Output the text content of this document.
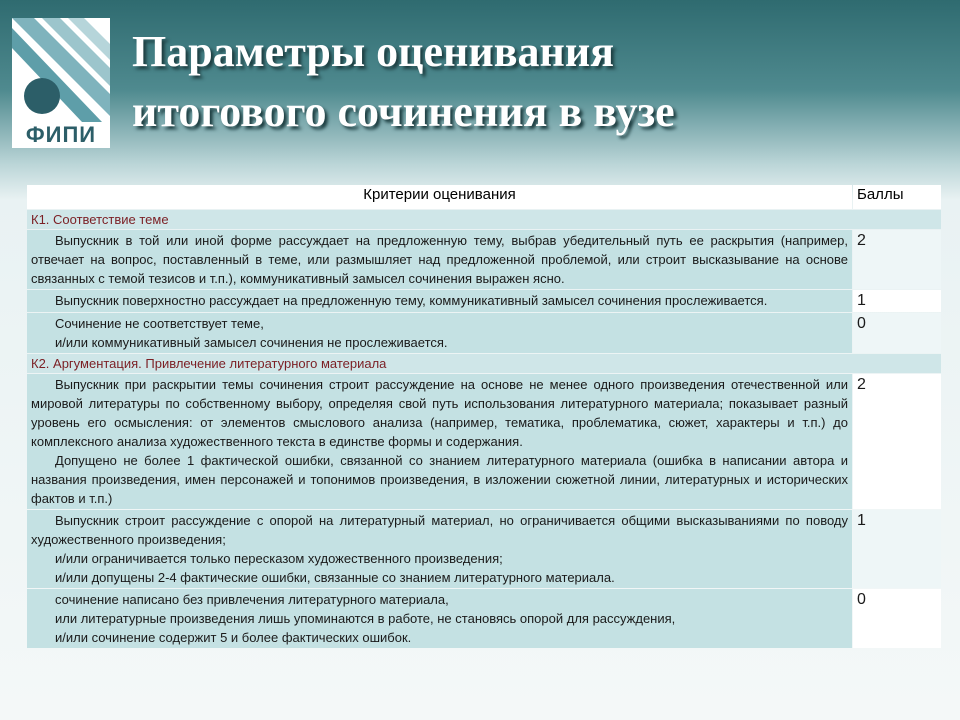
ФИПИ
Параметры оценивания
итогового сочинения в вузе
Критерии оценивания	Баллы
К1. Соответствие теме	

Выпускник в той или иной форме рассуждает на предложенную тему, выбрав убедительный путь ее раскрытия (например, отвечает на вопрос, поставленный в теме, или размышляет над предложенной проблемой, или строит высказывание на основе связанных с темой тезисов и т.п.), коммуникативный замысел сочинения выражен ясно.	2

Выпускник поверхностно рассуждает на предложенную тему, коммуникативный замысел сочинения прослеживается.	1

Сочинение не соответствует теме,

и/или коммуникативный замысел сочинения не прослеживается.	0
К2. Аргументация. Привлечение литературного материала	

Выпускник при раскрытии темы сочинения строит рассуждение на основе не менее одного произведения отечественной или мировой литературы по собственному выбору, определяя свой путь использования литературного материала; показывает разный уровень его осмысления: от элементов смыслового анализа (например, тематика, проблематика, сюжет, характеры и т.п.) до комплексного анализа художественного текста в единстве формы и содержания.

Допущено не более 1 фактической ошибки, связанной со знанием литературного материала (ошибка в написании автора и названия произведения, имен персонажей и топонимов произведения, в изложении сюжетной линии, литературных и исторических фактов и т.п.)	2

Выпускник строит рассуждение с опорой на литературный материал, но ограничивается общими высказываниями по поводу художественного произведения;

и/или ограничивается только пересказом художественного произведения;

и/или допущены 2-4 фактические ошибки, связанные со знанием литературного материала.	1

сочинение написано без привлечения литературного материала,

или литературные произведения лишь упоминаются в работе, не становясь опорой для рассуждения,

и/или сочинение содержит 5 и более фактических ошибок.	0
